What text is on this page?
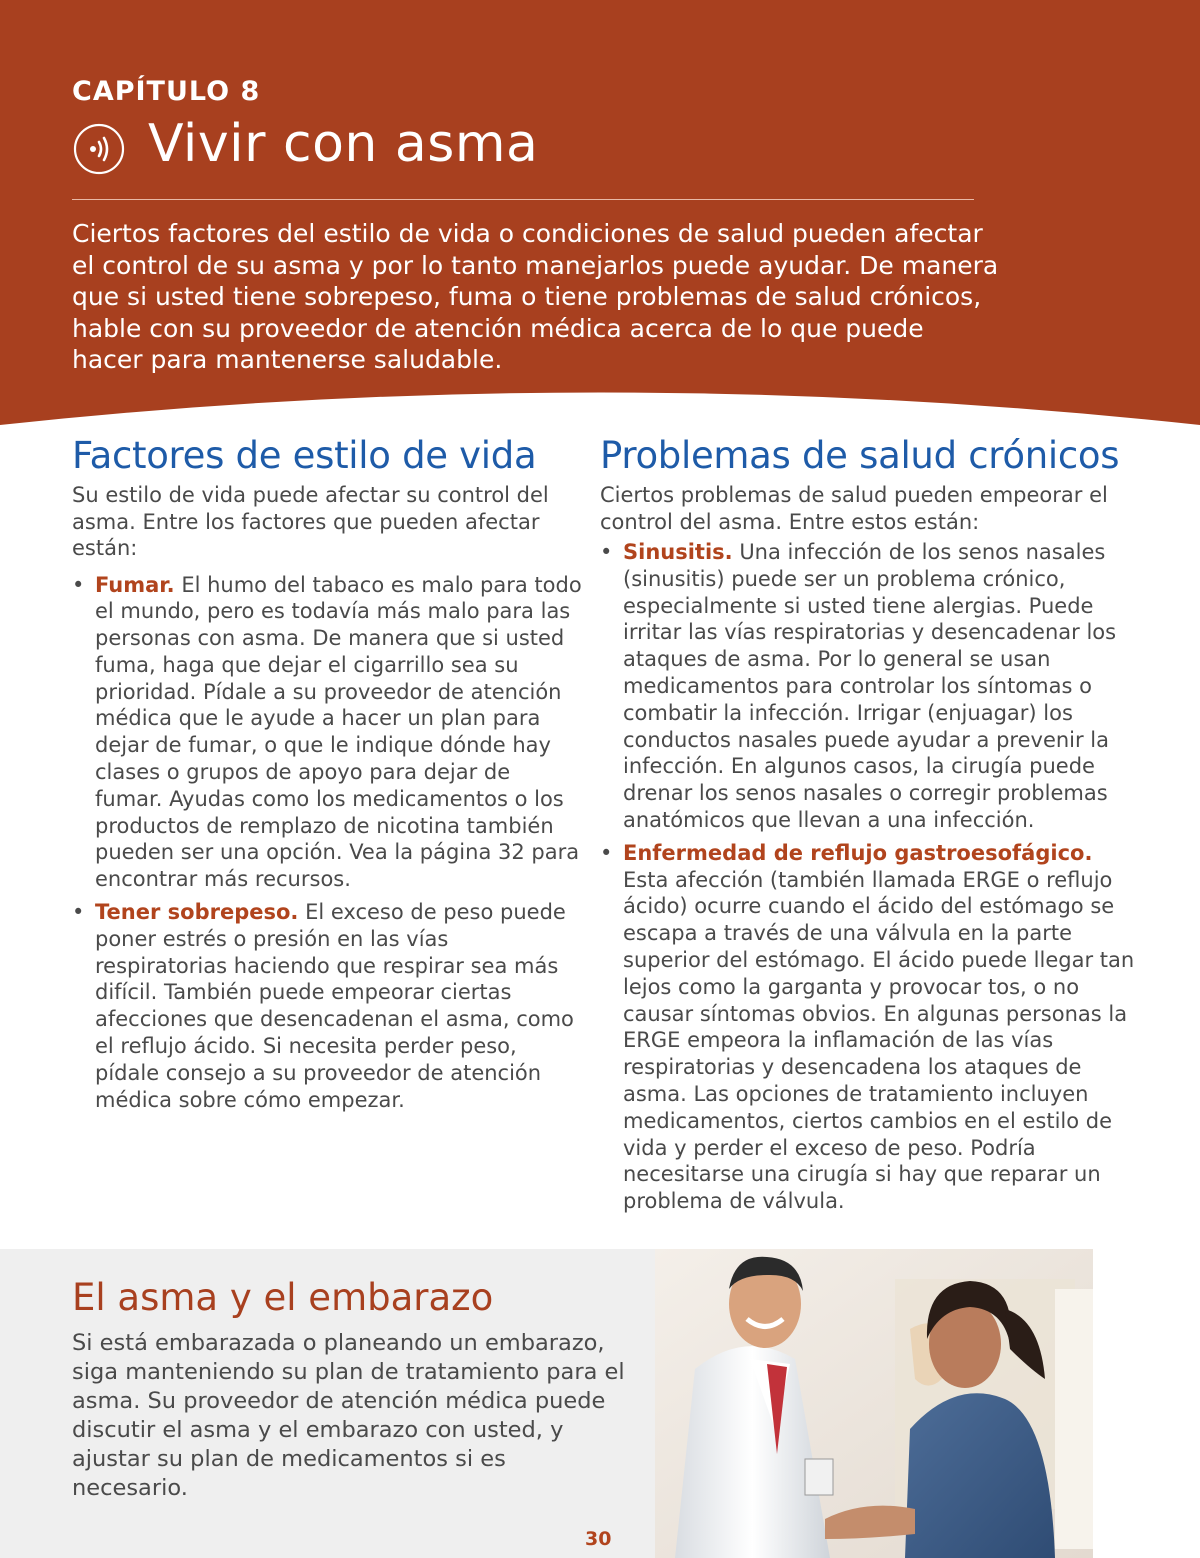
CAPÍTULO 8
Vivir con asma

Ciertos factores del estilo de vida o condiciones de salud pueden afectar el control de su asma y por lo tanto manejarlos puede ayudar. De manera que si usted tiene sobrepeso, fuma o tiene problemas de salud crónicos, hable con su proveedor de atención médica acerca de lo que puede hacer para mantenerse saludable.

Factores de estilo de vida

Su estilo de vida puede afectar su control del asma. Entre los factores que pueden afectar están:

• Fumar. El humo del tabaco es malo para todo el mundo, pero es todavía más malo para las personas con asma. De manera que si usted fuma, haga que dejar el cigarrillo sea su prioridad. Pídale a su proveedor de atención médica que le ayude a hacer un plan para dejar de fumar, o que le indique dónde hay clases o grupos de apoyo para dejar de fumar. Ayudas como los medicamentos o los productos de remplazo de nicotina también pueden ser una opción. Vea la página 32 para encontrar más recursos.
• Tener sobrepeso. El exceso de peso puede poner estrés o presión en las vías respiratorias haciendo que respirar sea más difícil. También puede empeorar ciertas afecciones que desencadenan el asma, como el reflujo ácido. Si necesita perder peso, pídale consejo a su proveedor de atención médica sobre cómo empezar.
Problemas de salud crónicos

Ciertos problemas de salud pueden empeorar el control del asma. Entre estos están:

• Sinusitis. Una infección de los senos nasales (sinusitis) puede ser un problema crónico, especialmente si usted tiene alergias. Puede irritar las vías respiratorias y desencadenar los ataques de asma. Por lo general se usan medicamentos para controlar los síntomas o combatir la infección. Irrigar (enjuagar) los conductos nasales puede ayudar a prevenir la infección. En algunos casos, la cirugía puede drenar los senos nasales o corregir problemas anatómicos que llevan a una infección.
• Enfermedad de reflujo gastroesofágico. Esta afección (también llamada ERGE o reflujo ácido) ocurre cuando el ácido del estómago se escapa a través de una válvula en la parte superior del estómago. El ácido puede llegar tan lejos como la garganta y provocar tos, o no causar síntomas obvios. En algunas personas la ERGE empeora la inflamación de las vías respiratorias y desencadena los ataques de asma. Las opciones de tratamiento incluyen medicamentos, ciertos cambios en el estilo de vida y perder el exceso de peso. Podría necesitarse una cirugía si hay que reparar un problema de válvula.
El asma y el embarazo

Si está embarazada o planeando un embarazo, siga manteniendo su plan de tratamiento para el asma. Su proveedor de atención médica puede discutir el asma y el embarazo con usted, y ajustar su plan de medicamentos si es necesario.

30
